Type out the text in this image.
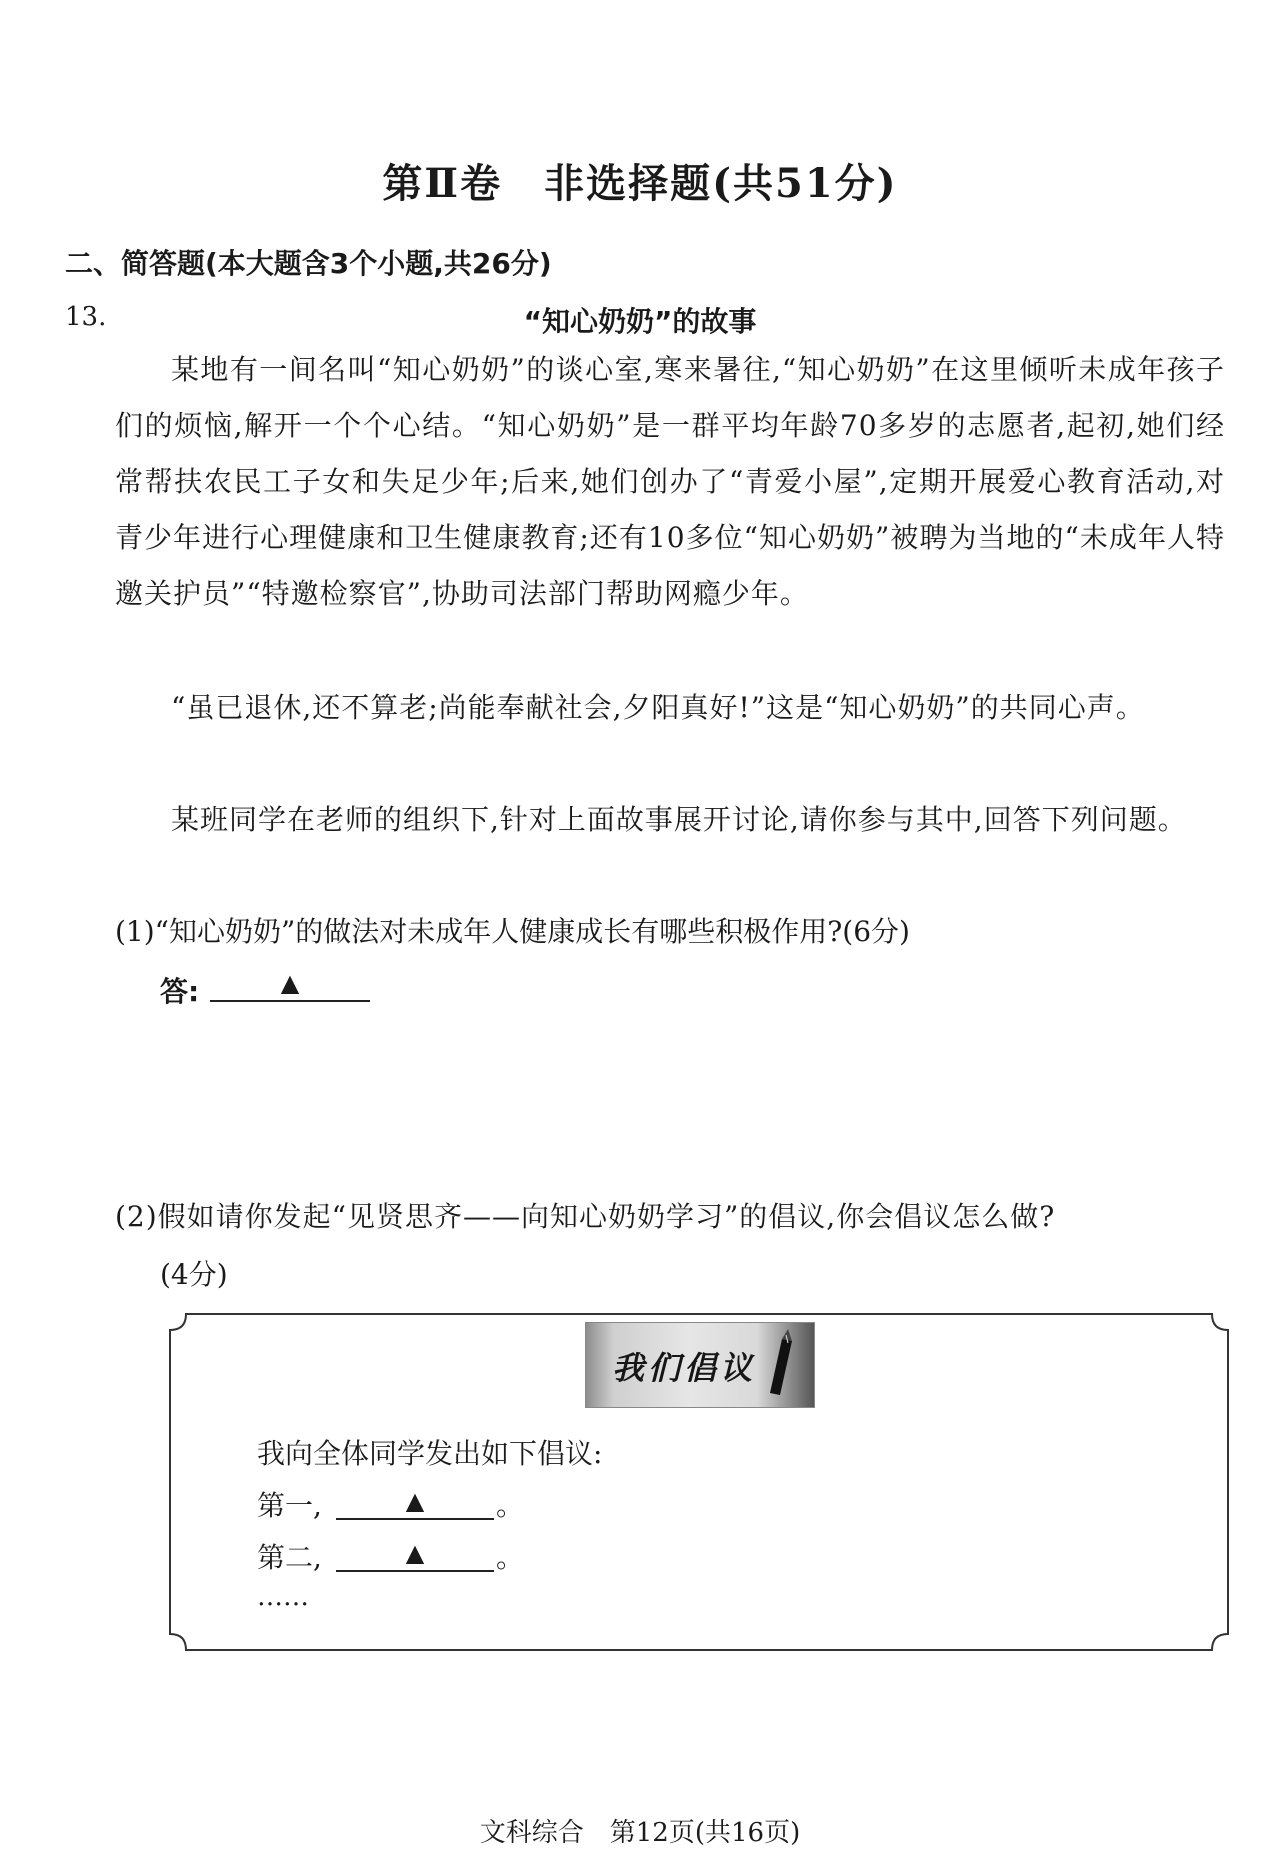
第Ⅱ卷　非选择题(共51分)
二、简答题(本大题含3个小题,共26分)
13.	“知心奶奶”的故事
某地有一间名叫“知心奶奶”的谈心室,寒来暑往,“知心奶奶”在这里倾听未成年孩子们的烦恼,解开一个个心结。“知心奶奶”是一群平均年龄70多岁的志愿者,起初,她们经常帮扶农民工子女和失足少年;后来,她们创办了“青爱小屋”,定期开展爱心教育活动,对青少年进行心理健康和卫生健康教育;还有10多位“知心奶奶”被聘为当地的“未成年人特邀关护员”“特邀检察官”,协助司法部门帮助网瘾少年。
“虽已退休,还不算老;尚能奉献社会,夕阳真好!”这是“知心奶奶”的共同心声。
某班同学在老师的组织下,针对上面故事展开讨论,请你参与其中,回答下列问题。
(1)“知心奶奶”的做法对未成年人健康成长有哪些积极作用?(6分)
答:	▲
(2)假如请你发起“见贤思齐——向知心奶奶学习”的倡议,你会倡议怎么做?
(4分)
我们倡议
我向全体同学发出如下倡议:
第一,	▲	。
第二,	▲	。
……
文科综合　第12页(共16页)
